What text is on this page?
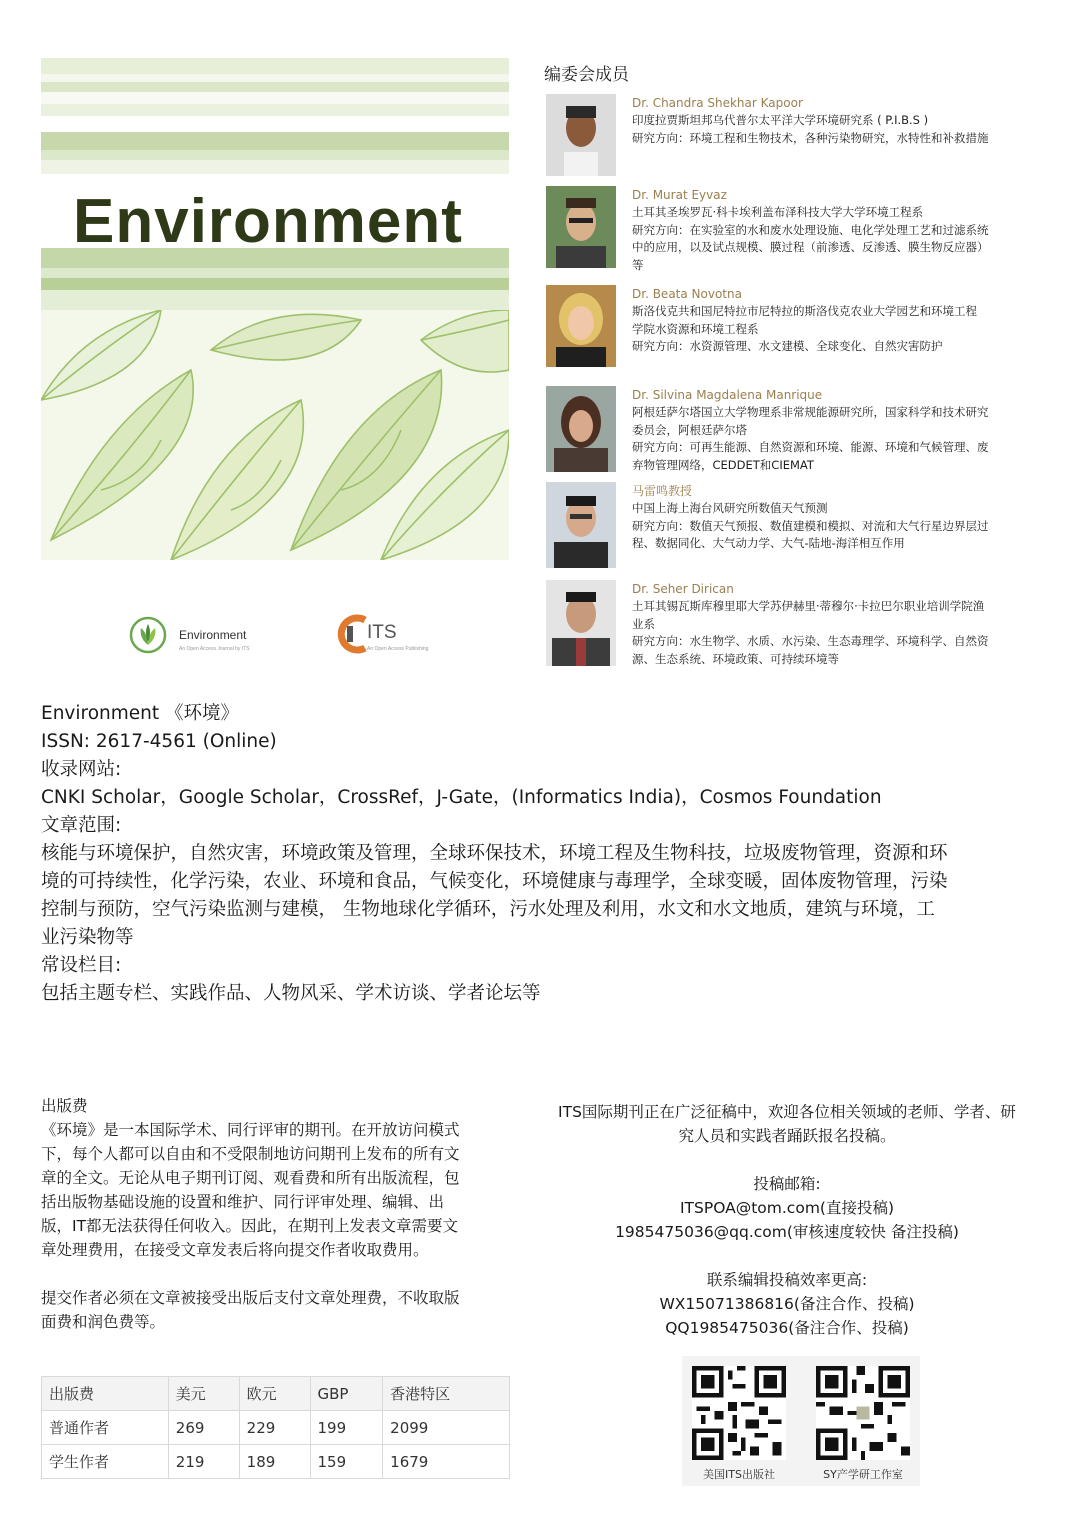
Environment
Environment
An Open Access Journal by ITS
ITS
An Open Access Publishing
编委会成员
Dr. Chandra Shekhar Kapoor
印度拉贾斯坦邦乌代普尔太平洋大学环境研究系 ( P.I.B.S )
研究方向：环境工程和生物技术，各种污染物研究，水特性和补救措施
Dr. Murat Eyvaz
土耳其圣埃罗瓦·科卡埃利盖布泽科技大学大学环境工程系
研究方向：在实验室的水和废水处理设施、电化学处理工艺和过滤系统
中的应用，以及试点规模、膜过程（前渗透、反渗透、膜生物反应器）
等
Dr. Beata Novotna
斯洛伐克共和国尼特拉市尼特拉的斯洛伐克农业大学园艺和环境工程
学院水资源和环境工程系
研究方向：水资源管理、水文建模、全球变化、自然灾害防护
Dr. Silvina Magdalena Manrique
阿根廷萨尔塔国立大学物理系非常规能源研究所，国家科学和技术研究
委员会，阿根廷萨尔塔
研究方向：可再生能源、自然资源和环境、能源、环境和气候管理、废
弃物管理网络，CEDDET和CIEMAT
马雷鸣教授
中国上海上海台风研究所数值天气预测
研究方向：数值天气预报、数值建模和模拟、对流和大气行星边界层过
程、数据同化、大气动力学、大气-陆地-海洋相互作用
Dr. Seher Dirican
土耳其锡瓦斯库穆里耶大学苏伊赫里·蒂穆尔·卡拉巴尔职业培训学院渔
业系
研究方向：水生物学、水质、水污染、生态毒理学、环境科学、自然资
源、生态系统、环境政策、可持续环境等
Environment 《环境》
ISSN: 2617-4561 (Online)
收录网站:
CNKI Scholar，Google Scholar，CrossRef，J-Gate，(Informatics India)，Cosmos Foundation
文章范围:
核能与环境保护，自然灾害，环境政策及管理，全球环保技术，环境工程及生物科技，垃圾废物管理，资源和环
境的可持续性，化学污染，农业、环境和食品，气候变化，环境健康与毒理学，全球变暖，固体废物管理，污染
控制与预防，空气污染监测与建模， 生物地球化学循环，污水处理及利用，水文和水文地质，建筑与环境，工
业污染物等
常设栏目:
包括主题专栏、实践作品、人物风采、学术访谈、学者论坛等

出版费

《环境》是一本国际学术、同行评审的期刊。在开放访问模式

下，每个人都可以自由和不受限制地访问期刊上发布的所有文

章的全文。无论从电子期刊订阅、观看费和所有出版流程，包

括出版物基础设施的设置和维护、同行评审处理、编辑、出

版，IT都无法获得任何收入。因此，在期刊上发表文章需要文

章处理费用，在接受文章发表后将向提交作者收取费用。

提交作者必须在文章被接受出版后支付文章处理费，不收取版

面费和润色费等。

出版费	美元	欧元	GBP	香港特区
普通作者	269	229	199	2099
学生作者	219	189	159	1679
ITS国际期刊正在广泛征稿中，欢迎各位相关领域的老师、学者、研
究人员和实践者踊跃报名投稿。
投稿邮箱:
ITSPOA@tom.com(直接投稿)
1985475036@qq.com(审核速度较快 备注投稿)
联系编辑投稿效率更高:
WX15071386816(备注合作、投稿)
QQ1985475036(备注合作、投稿)
美国ITS出版社	SY产学研工作室
